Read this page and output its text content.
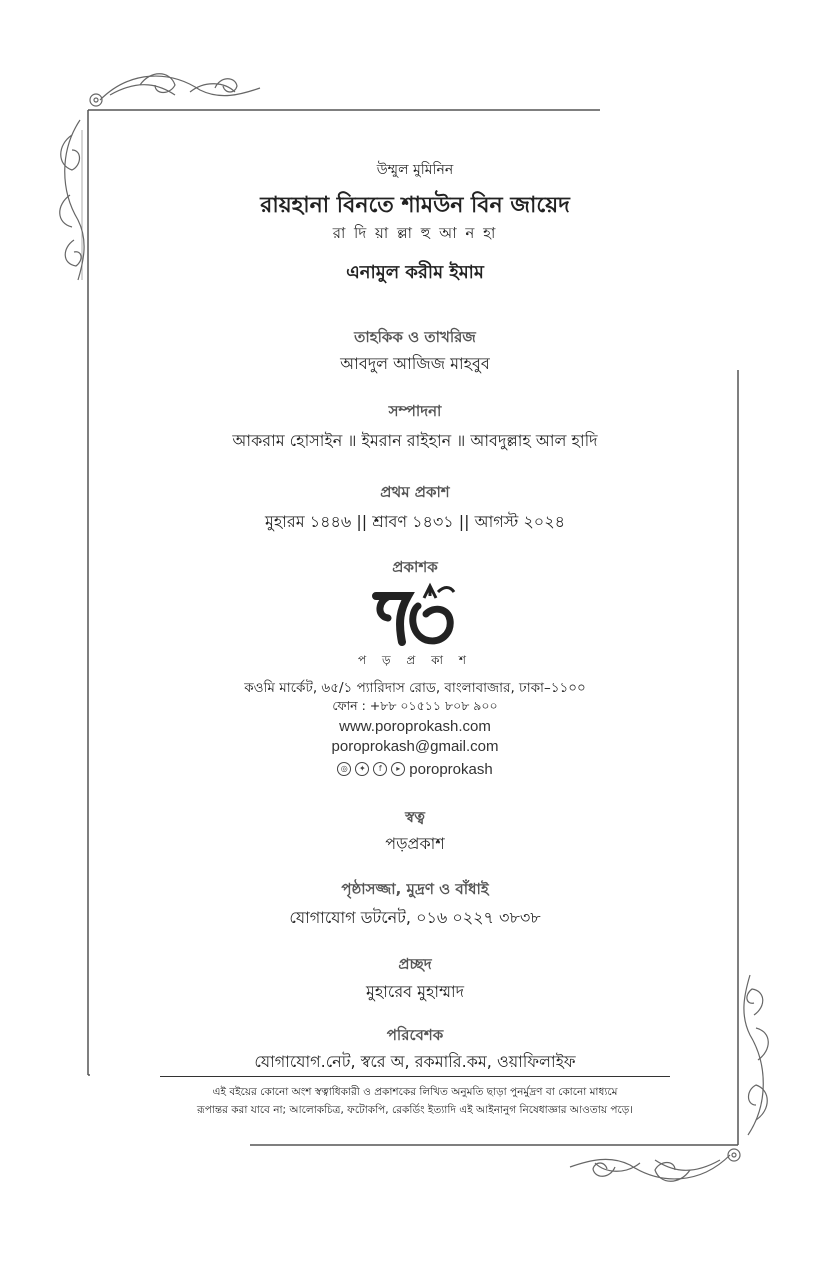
উম্মুল মুমিনিন
রায়হানা বিনতে শামউন বিন জায়েদ
রা দি য়া ল্লা হু আ ন হা
এনামুল করীম ইমাম
তাহকিক ও তাখরিজ
আবদুল আজিজ মাহবুব
সম্পাদনা
আকরাম হোসাইন ॥ ইমরান রাইহান ॥ আবদুল্লাহ আল হাদি
প্রথম প্রকাশ
মুহারম ১৪৪৬ || শ্রাবণ ১৪৩১ || আগস্ট ২০২৪
প্রকাশক
প ড় প্র কা শ
কওমি মার্কেট, ৬৫/১ প্যারিদাস রোড, বাংলাবাজার, ঢাকা–১১০০
ফোন : +৮৮ ০১৫১১ ৮০৮ ৯০০
www.poroprokash.com
poroprokash@gmail.com
◎	✦	f	▸ poroprokash
স্বত্ব
পড়প্রকাশ
পৃষ্ঠাসজ্জা, মুদ্রণ ও বাঁধাই
যোগাযোগ ডটনেট, ০১৬ ০২২৭ ৩৮৩৮
প্রচ্ছদ
মুহারেব মুহাম্মাদ
পরিবেশক
যোগাযোগ.নেট, স্বরে অ, রকমারি.কম, ওয়াফিলাইফ
এই বইয়ের কোনো অংশ স্বত্বাধিকারী ও প্রকাশকের লিখিত অনুমতি ছাড়া পুনর্মুদ্রণ বা কোনো মাধ্যমে
রূপান্তর করা যাবে না; আলোকচিত্র, ফটোকপি, রেকর্ডিং ইত্যাদি এই আইনানুগ নিষেধাজ্ঞার আওতায় পড়ে।
